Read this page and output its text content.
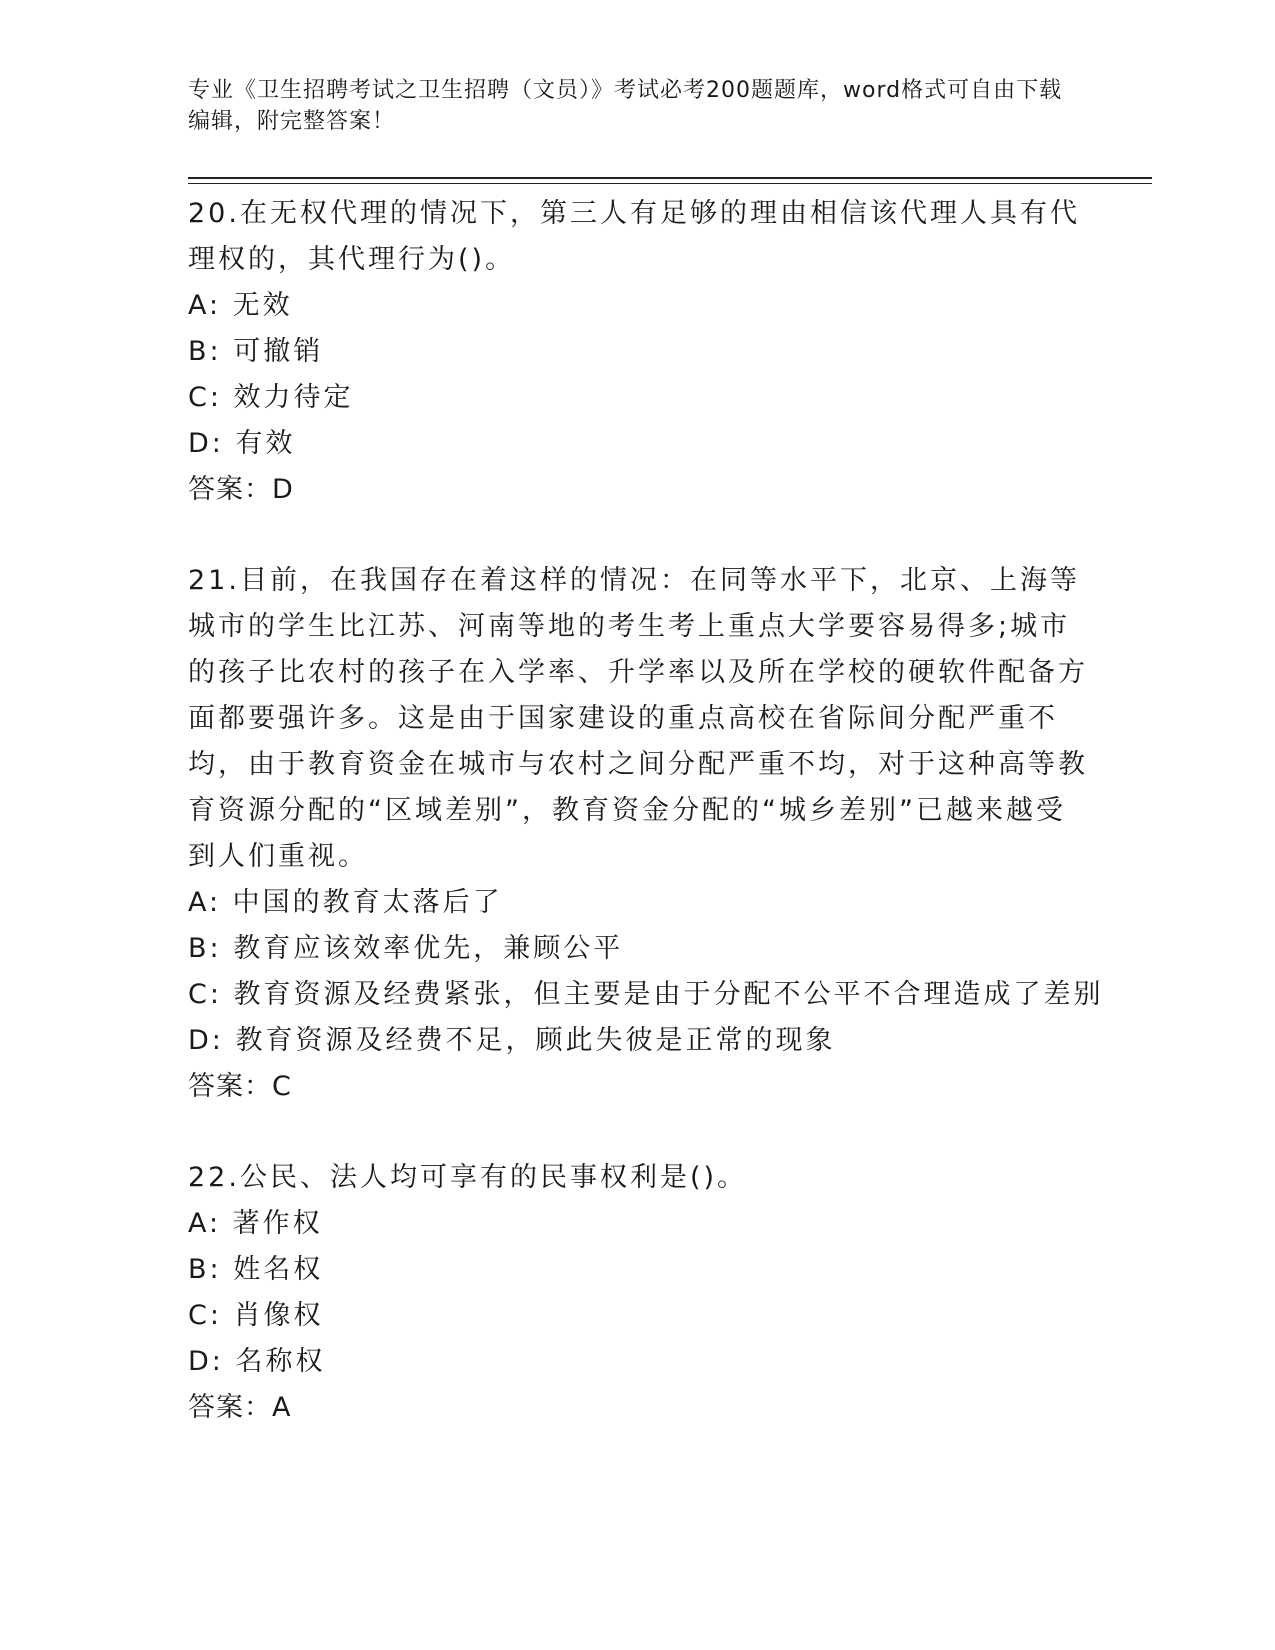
专业《卫生招聘考试之卫生招聘（文员）》考试必考200题题库，word格式可自由下载编辑，附完整答案！

20.在无权代理的情况下，第三人有足够的理由相信该代理人具有代理权的，其代理行为()。

A: 无效

B: 可撤销

C: 效力待定

D: 有效

答案：D

21.目前，在我国存在着这样的情况：在同等水平下，北京、上海等城市的学生比江苏、河南等地的考生考上重点大学要容易得多;城市的孩子比农村的孩子在入学率、升学率以及所在学校的硬软件配备方面都要强许多。这是由于国家建设的重点高校在省际间分配严重不均，由于教育资金在城市与农村之间分配严重不均，对于这种高等教育资源分配的“区域差别”，教育资金分配的“城乡差别”已越来越受到人们重视。

A: 中国的教育太落后了

B: 教育应该效率优先，兼顾公平

C: 教育资源及经费紧张，但主要是由于分配不公平不合理造成了差别

D: 教育资源及经费不足，顾此失彼是正常的现象

答案：C

22.公民、法人均可享有的民事权利是()。

A: 著作权

B: 姓名权

C: 肖像权

D: 名称权

答案：A
